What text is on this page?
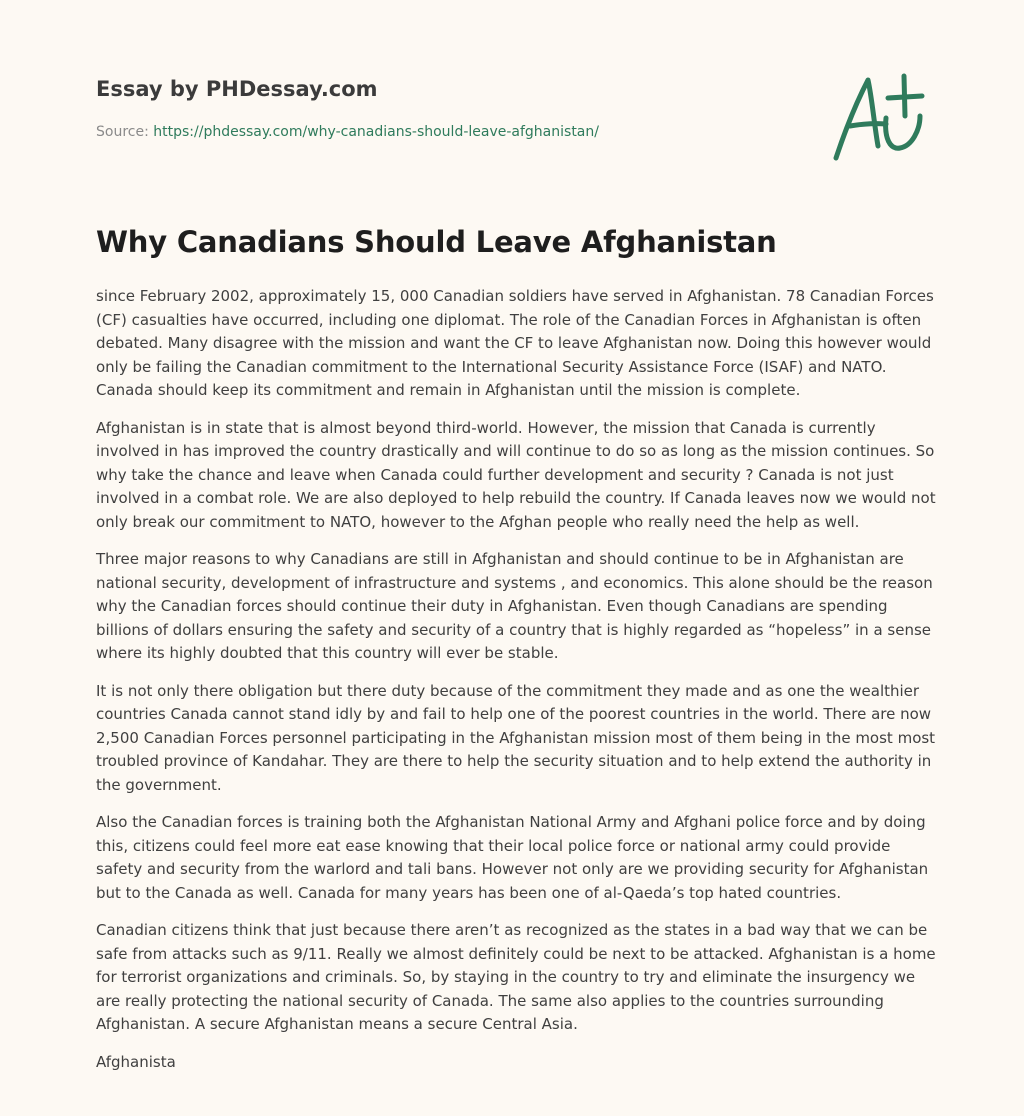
Essay by PHDessay.com

Source: https://phdessay.com/why-canadians-should-leave-afghanistan/

Why Canadians Should Leave Afghanistan

since February 2002, approximately 15, 000 Canadian soldiers have served in Afghanistan. 78 Canadian Forces (CF) casualties have occurred, including one diplomat. The role of the Canadian Forces in Afghanistan is often debated. Many disagree with the mission and want the CF to leave Afghanistan now. Doing this however would only be failing the Canadian commitment to the International Security Assistance Force (ISAF) and NATO. Canada should keep its commitment and remain in Afghanistan until the mission is complete.

Afghanistan is in state that is almost beyond third-world. However, the mission that Canada is currently involved in has improved the country drastically and will continue to do so as long as the mission continues. So why take the chance and leave when Canada could further development and security ? Canada is not just involved in a combat role. We are also deployed to help rebuild the country. If Canada leaves now we would not only break our commitment to NATO, however to the Afghan people who really need the help as well.

Three major reasons to why Canadians are still in Afghanistan and should continue to be in Afghanistan are national security, development of infrastructure and systems , and economics. This alone should be the reason why the Canadian forces should continue their duty in Afghanistan. Even though Canadians are spending billions of dollars ensuring the safety and security of a country that is highly regarded as “hopeless” in a sense where its highly doubted that this country will ever be stable.

It is not only there obligation but there duty because of the commitment they made and as one the wealthier countries Canada cannot stand idly by and fail to help one of the poorest countries in the world. There are now 2,500 Canadian Forces personnel participating in the Afghanistan mission most of them being in the most most troubled province of Kandahar. They are there to help the security situation and to help extend the authority in the government.

Also the Canadian forces is training both the Afghanistan National Army and Afghani police force and by doing this, citizens could feel more eat ease knowing that their local police force or national army could provide safety and security from the warlord and tali bans. However not only are we providing security for Afghanistan but to the Canada as well. Canada for many years has been one of al-Qaeda’s top hated countries.

Canadian citizens think that just because there aren’t as recognized as the states in a bad way that we can be safe from attacks such as 9/11. Really we almost definitely could be next to be attacked. Afghanistan is a home for terrorist organizations and criminals. So, by staying in the country to try and eliminate the insurgency we are really protecting the national security of Canada. The same also applies to the countries surrounding Afghanistan. A secure Afghanistan means a secure Central Asia.

Afghanista
